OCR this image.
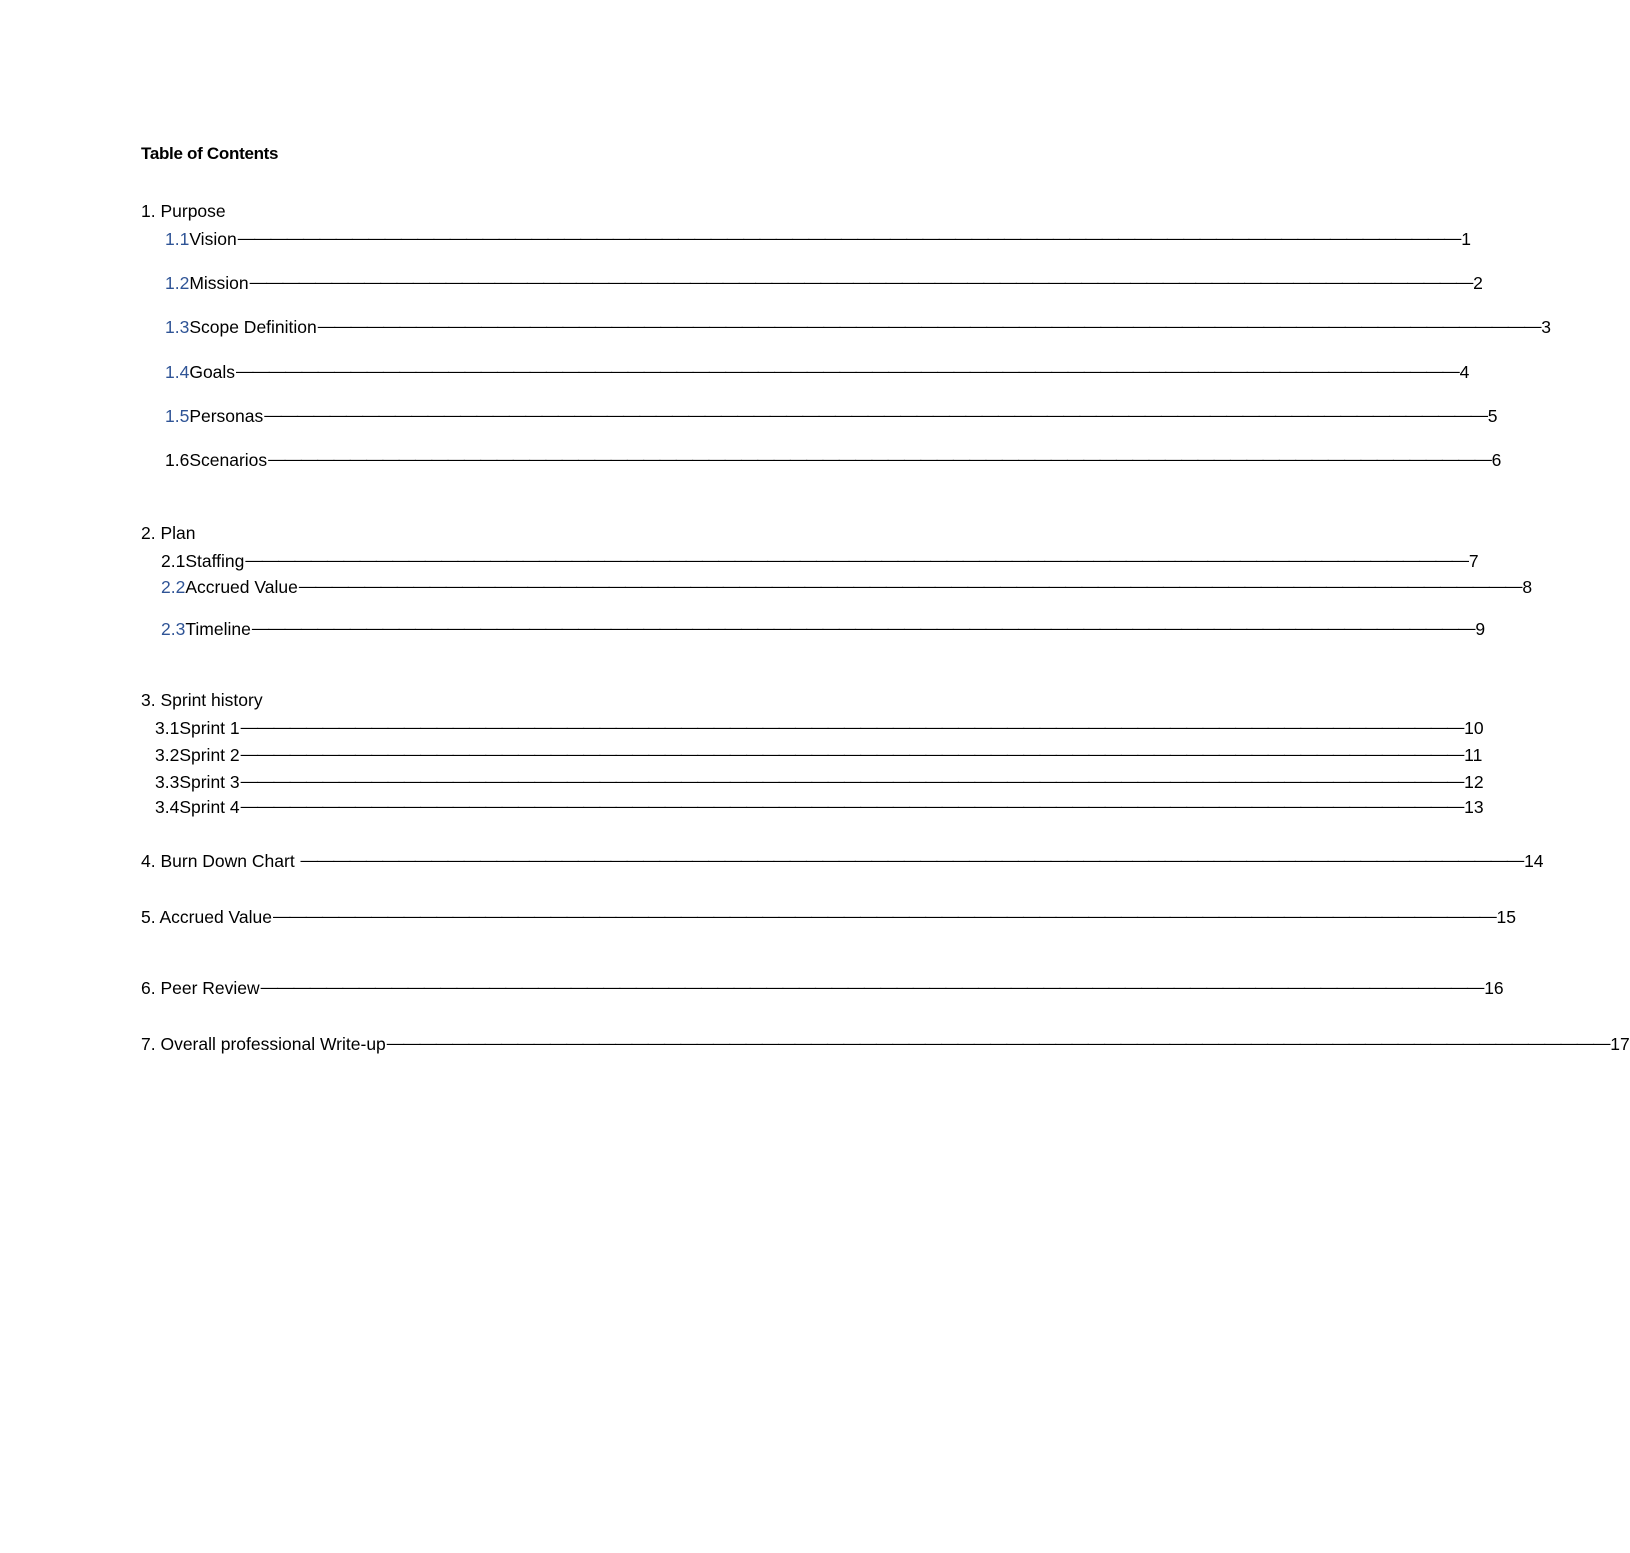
Table of Contents
1. Purpose
1.1 Vision ——————————————————————————————————————————————————————————————————————————— 1
1.2 Mission ——————————————————————————————————————————————————————————————————————————— 2
1.3 Scope Definition ——————————————————————————————————————————————————————————————————————————— 3
1.4 Goals ——————————————————————————————————————————————————————————————————————————— 4
1.5 Personas ——————————————————————————————————————————————————————————————————————————— 5
1.6 Scenarios ——————————————————————————————————————————————————————————————————————————— 6
2. Plan
2.1 Staffing ——————————————————————————————————————————————————————————————————————————— 7
2.2 Accrued Value ——————————————————————————————————————————————————————————————————————————— 8
2.3 Timeline ——————————————————————————————————————————————————————————————————————————— 9
3. Sprint history
3.1 Sprint 1 ——————————————————————————————————————————————————————————————————————————— 10
3.2 Sprint 2 ——————————————————————————————————————————————————————————————————————————— 11
3.3 Sprint 3 ——————————————————————————————————————————————————————————————————————————— 12
3.4 Sprint 4 ——————————————————————————————————————————————————————————————————————————— 13
4. Burn Down Chart ——————————————————————————————————————————————————————————————————————————— 14
5. Accrued Value ——————————————————————————————————————————————————————————————————————————— 15
6. Peer Review ——————————————————————————————————————————————————————————————————————————— 16
7. Overall professional Write-up ——————————————————————————————————————————————————————————————————————————— 17
